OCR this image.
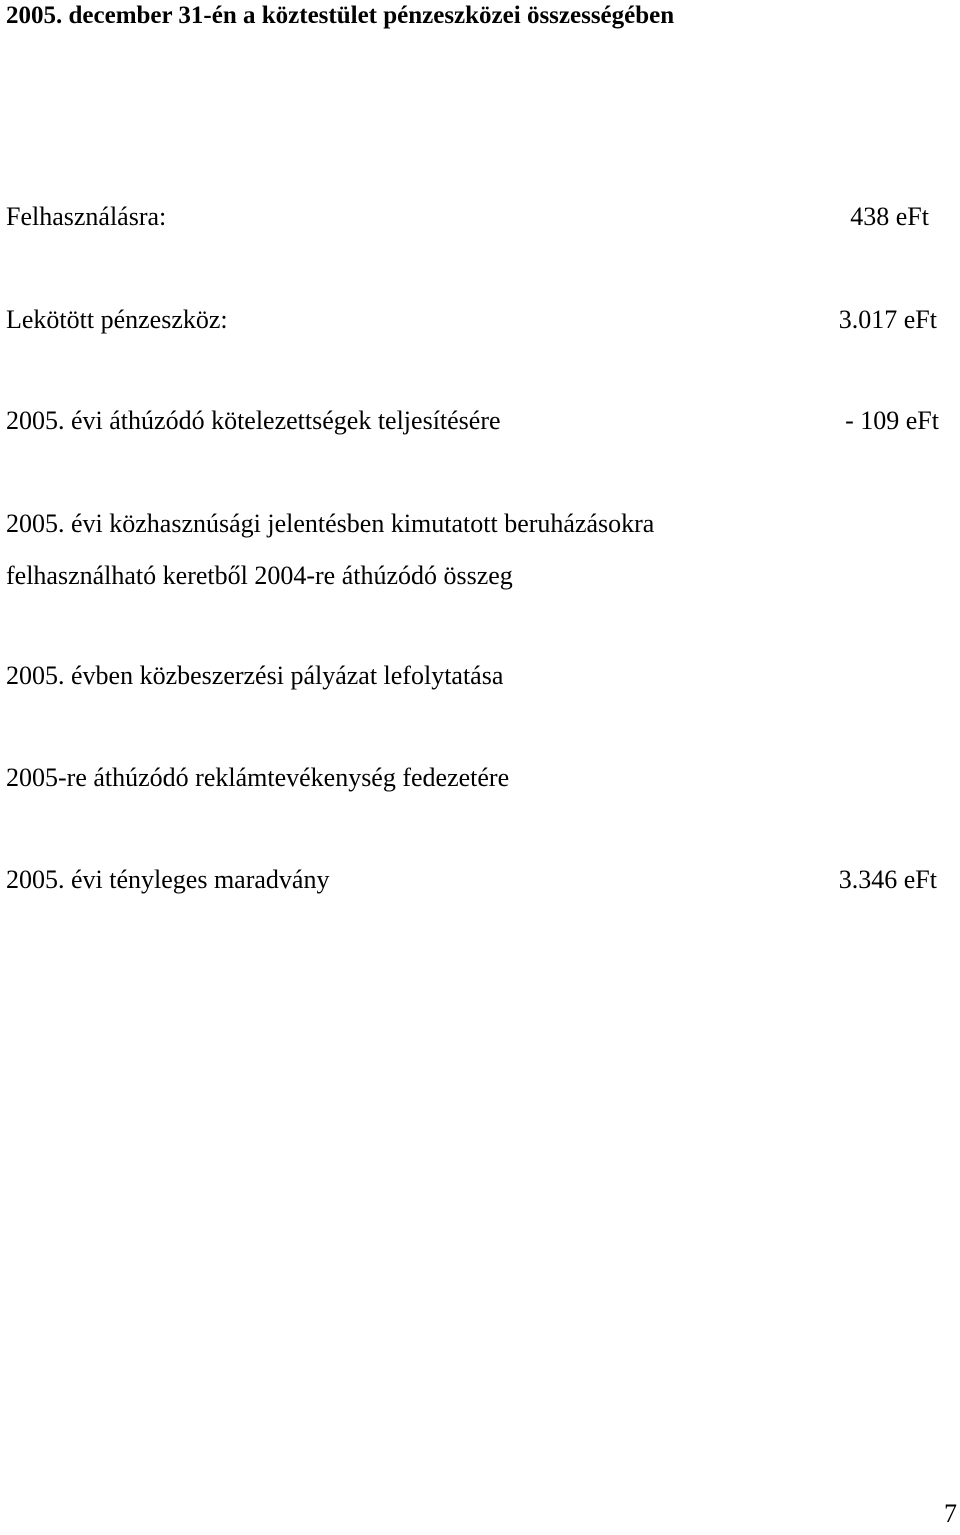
2005. december 31-én a köztestület pénzeszközei összességében
Felhasználásra:	438 eFt
Lekötött pénzeszköz:	3.017 eFt
2005. évi áthúzódó kötelezettségek teljesítésére	- 109 eFt
2005. évi közhasznúsági jelentésben kimutatott beruházásokra
felhasználható keretből 2004-re áthúzódó összeg
2005. évben közbeszerzési pályázat lefolytatása
2005-re áthúzódó reklámtevékenység fedezetére
2005. évi tényleges maradvány	3.346 eFt
7
